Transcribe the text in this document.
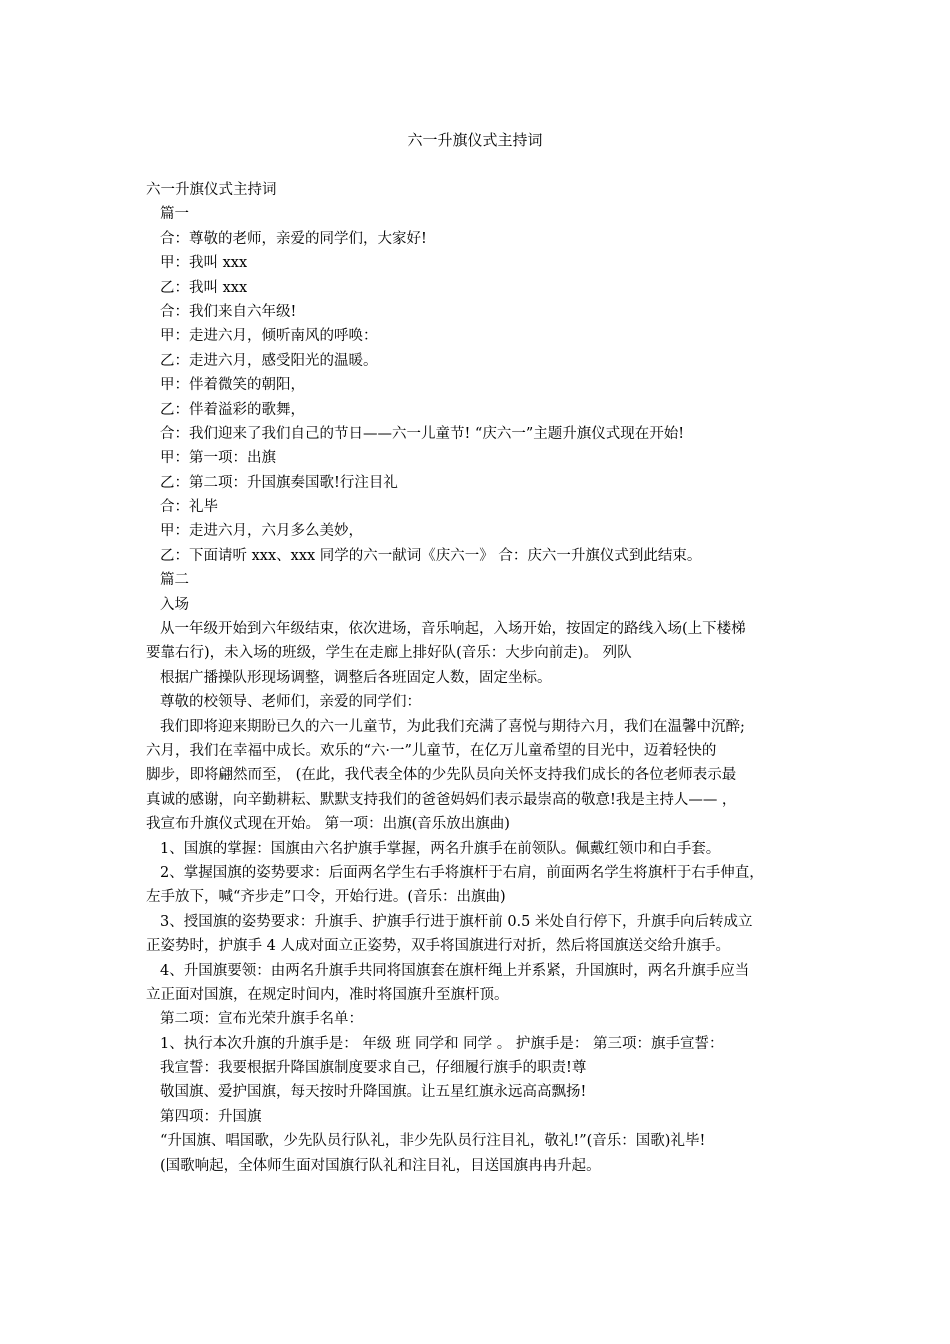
六一升旗仪式主持词
六一升旗仪式主持词
篇一
合：尊敬的老师，亲爱的同学们，大家好!
甲：我叫 xxx
乙：我叫 xxx
合：我们来自六年级!
甲：走进六月，倾听南风的呼唤：
乙：走进六月，感受阳光的温暖。
甲：伴着微笑的朝阳，
乙：伴着溢彩的歌舞，
合：我们迎来了我们自己的节日——六一儿童节! “庆六一”主题升旗仪式现在开始!
甲：第一项：出旗
乙：第二项：升国旗奏国歌!行注目礼
合：礼毕
甲：走进六月，六月多么美妙，
乙：下面请听 xxx、xxx 同学的六一献词《庆六一》 合：庆六一升旗仪式到此结束。
篇二
入场
从一年级开始到六年级结束，依次进场，音乐响起，入场开始，按固定的路线入场(上下楼梯
要靠右行)，未入场的班级，学生在走廊上排好队(音乐：大步向前走)。 列队
根据广播操队形现场调整，调整后各班固定人数，固定坐标。
尊敬的校领导、老师们，亲爱的同学们：
我们即将迎来期盼已久的六一儿童节，为此我们充满了喜悦与期待六月，我们在温馨中沉醉;
六月，我们在幸福中成长。欢乐的“六·一”儿童节，在亿万儿童希望的目光中，迈着轻快的
脚步，即将翩然而至， (在此，我代表全体的少先队员向关怀支持我们成长的各位老师表示最
真诚的感谢，向辛勤耕耘、默默支持我们的爸爸妈妈们表示最崇高的敬意!我是主持人—— ，
我宣布升旗仪式现在开始。 第一项：出旗(音乐放出旗曲)
1、国旗的掌握：国旗由六名护旗手掌握，两名升旗手在前领队。佩戴红领巾和白手套。
2、掌握国旗的姿势要求：后面两名学生右手将旗杆于右肩，前面两名学生将旗杆于右手伸直，
左手放下，喊“齐步走”口令，开始行进。(音乐：出旗曲)
3、授国旗的姿势要求：升旗手、护旗手行进于旗杆前 0.5 米处自行停下，升旗手向后转成立
正姿势时，护旗手 4 人成对面立正姿势，双手将国旗进行对折，然后将国旗送交给升旗手。
4、升国旗要领：由两名升旗手共同将国旗套在旗杆绳上并系紧，升国旗时，两名升旗手应当
立正面对国旗，在规定时间内，准时将国旗升至旗杆顶。
第二项：宣布光荣升旗手名单：
1、执行本次升旗的升旗手是： 年级 班 同学和 同学 。 护旗手是： 第三项：旗手宣誓：
我宣誓：我要根据升降国旗制度要求自己，仔细履行旗手的职责!尊
敬国旗、爱护国旗，每天按时升降国旗。让五星红旗永远高高飘扬!
第四项：升国旗
“升国旗、唱国歌，少先队员行队礼，非少先队员行注目礼，敬礼!”(音乐：国歌)礼毕!
(国歌响起，全体师生面对国旗行队礼和注目礼，目送国旗冉冉升起。
